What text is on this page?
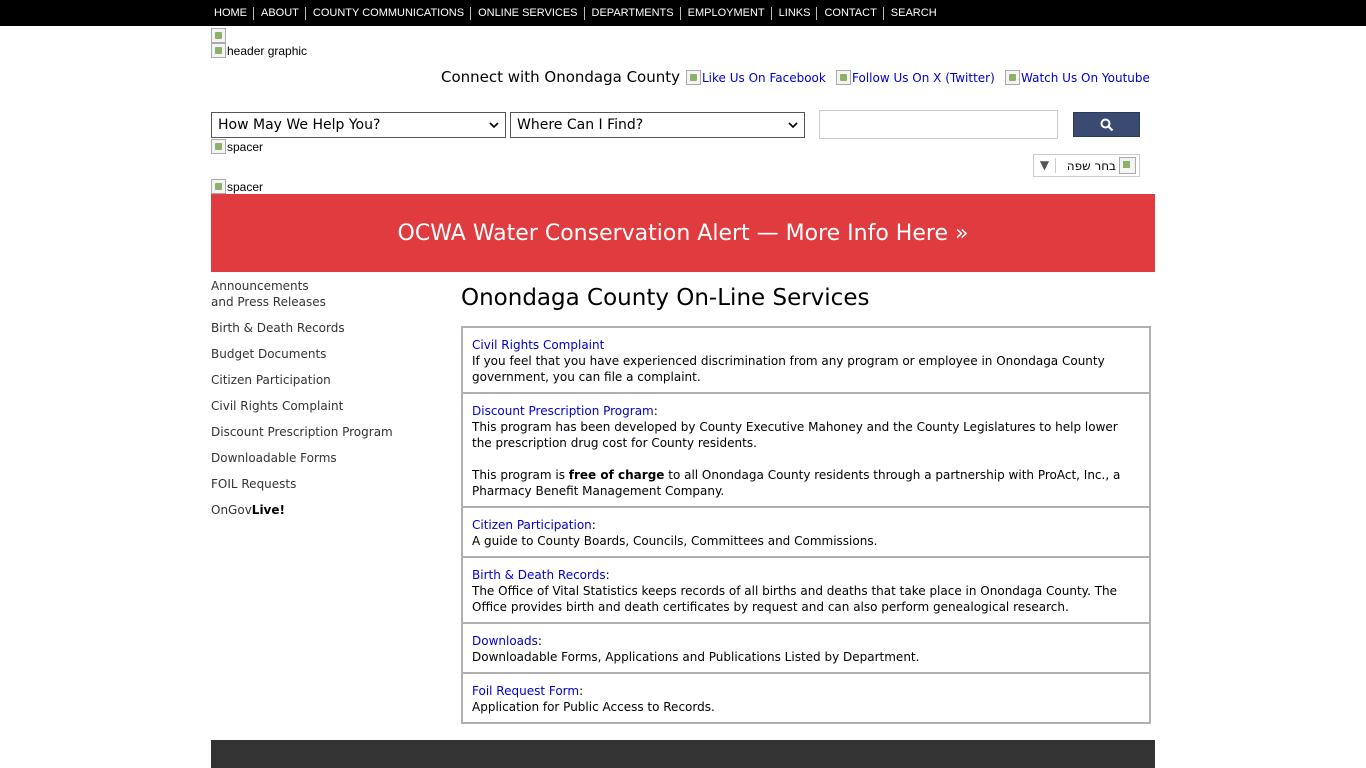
HOME	ABOUT	COUNTY COMMUNICATIONS	ONLINE SERVICES	DEPARTMENTS	EMPLOYMENT	LINKS	CONTACT	SEARCH
header graphic
Connect with Onondaga County Like Us On Facebook Follow Us On X (Twitter) Watch Us On Youtube
How May We Help You?	Where Can I Find?
spacer
spacer
▼	בחר שפה
OCWA Water Conservation Alert — More Info Here »
Announcements
and Press Releases
Birth & Death Records
Budget Documents
Citizen Participation
Civil Rights Complaint
Discount Prescription Program
Downloadable Forms
FOIL Requests
OnGovLive!
Onondaga County On-Line Services
Civil Rights Complaint
If you feel that you have experienced discrimination from any program or employee in Onondaga County government, you can file a complaint.

Discount Prescription Program:
This program has been developed by County Executive Mahoney and the County Legislatures to help lower the prescription drug cost for County residents.

This program is free of charge to all Onondaga County residents through a partnership with ProAct, Inc., a Pharmacy Benefit Management Company.

Citizen Participation:
A guide to County Boards, Councils, Committees and Commissions.
Birth & Death Records:
The Office of Vital Statistics keeps records of all births and deaths that take place in Onondaga County. The Office provides birth and death certificates by request and can also perform genealogical research.
Downloads:
Downloadable Forms, Applications and Publications Listed by Department.
Foil Request Form:
Application for Public Access to Records.
